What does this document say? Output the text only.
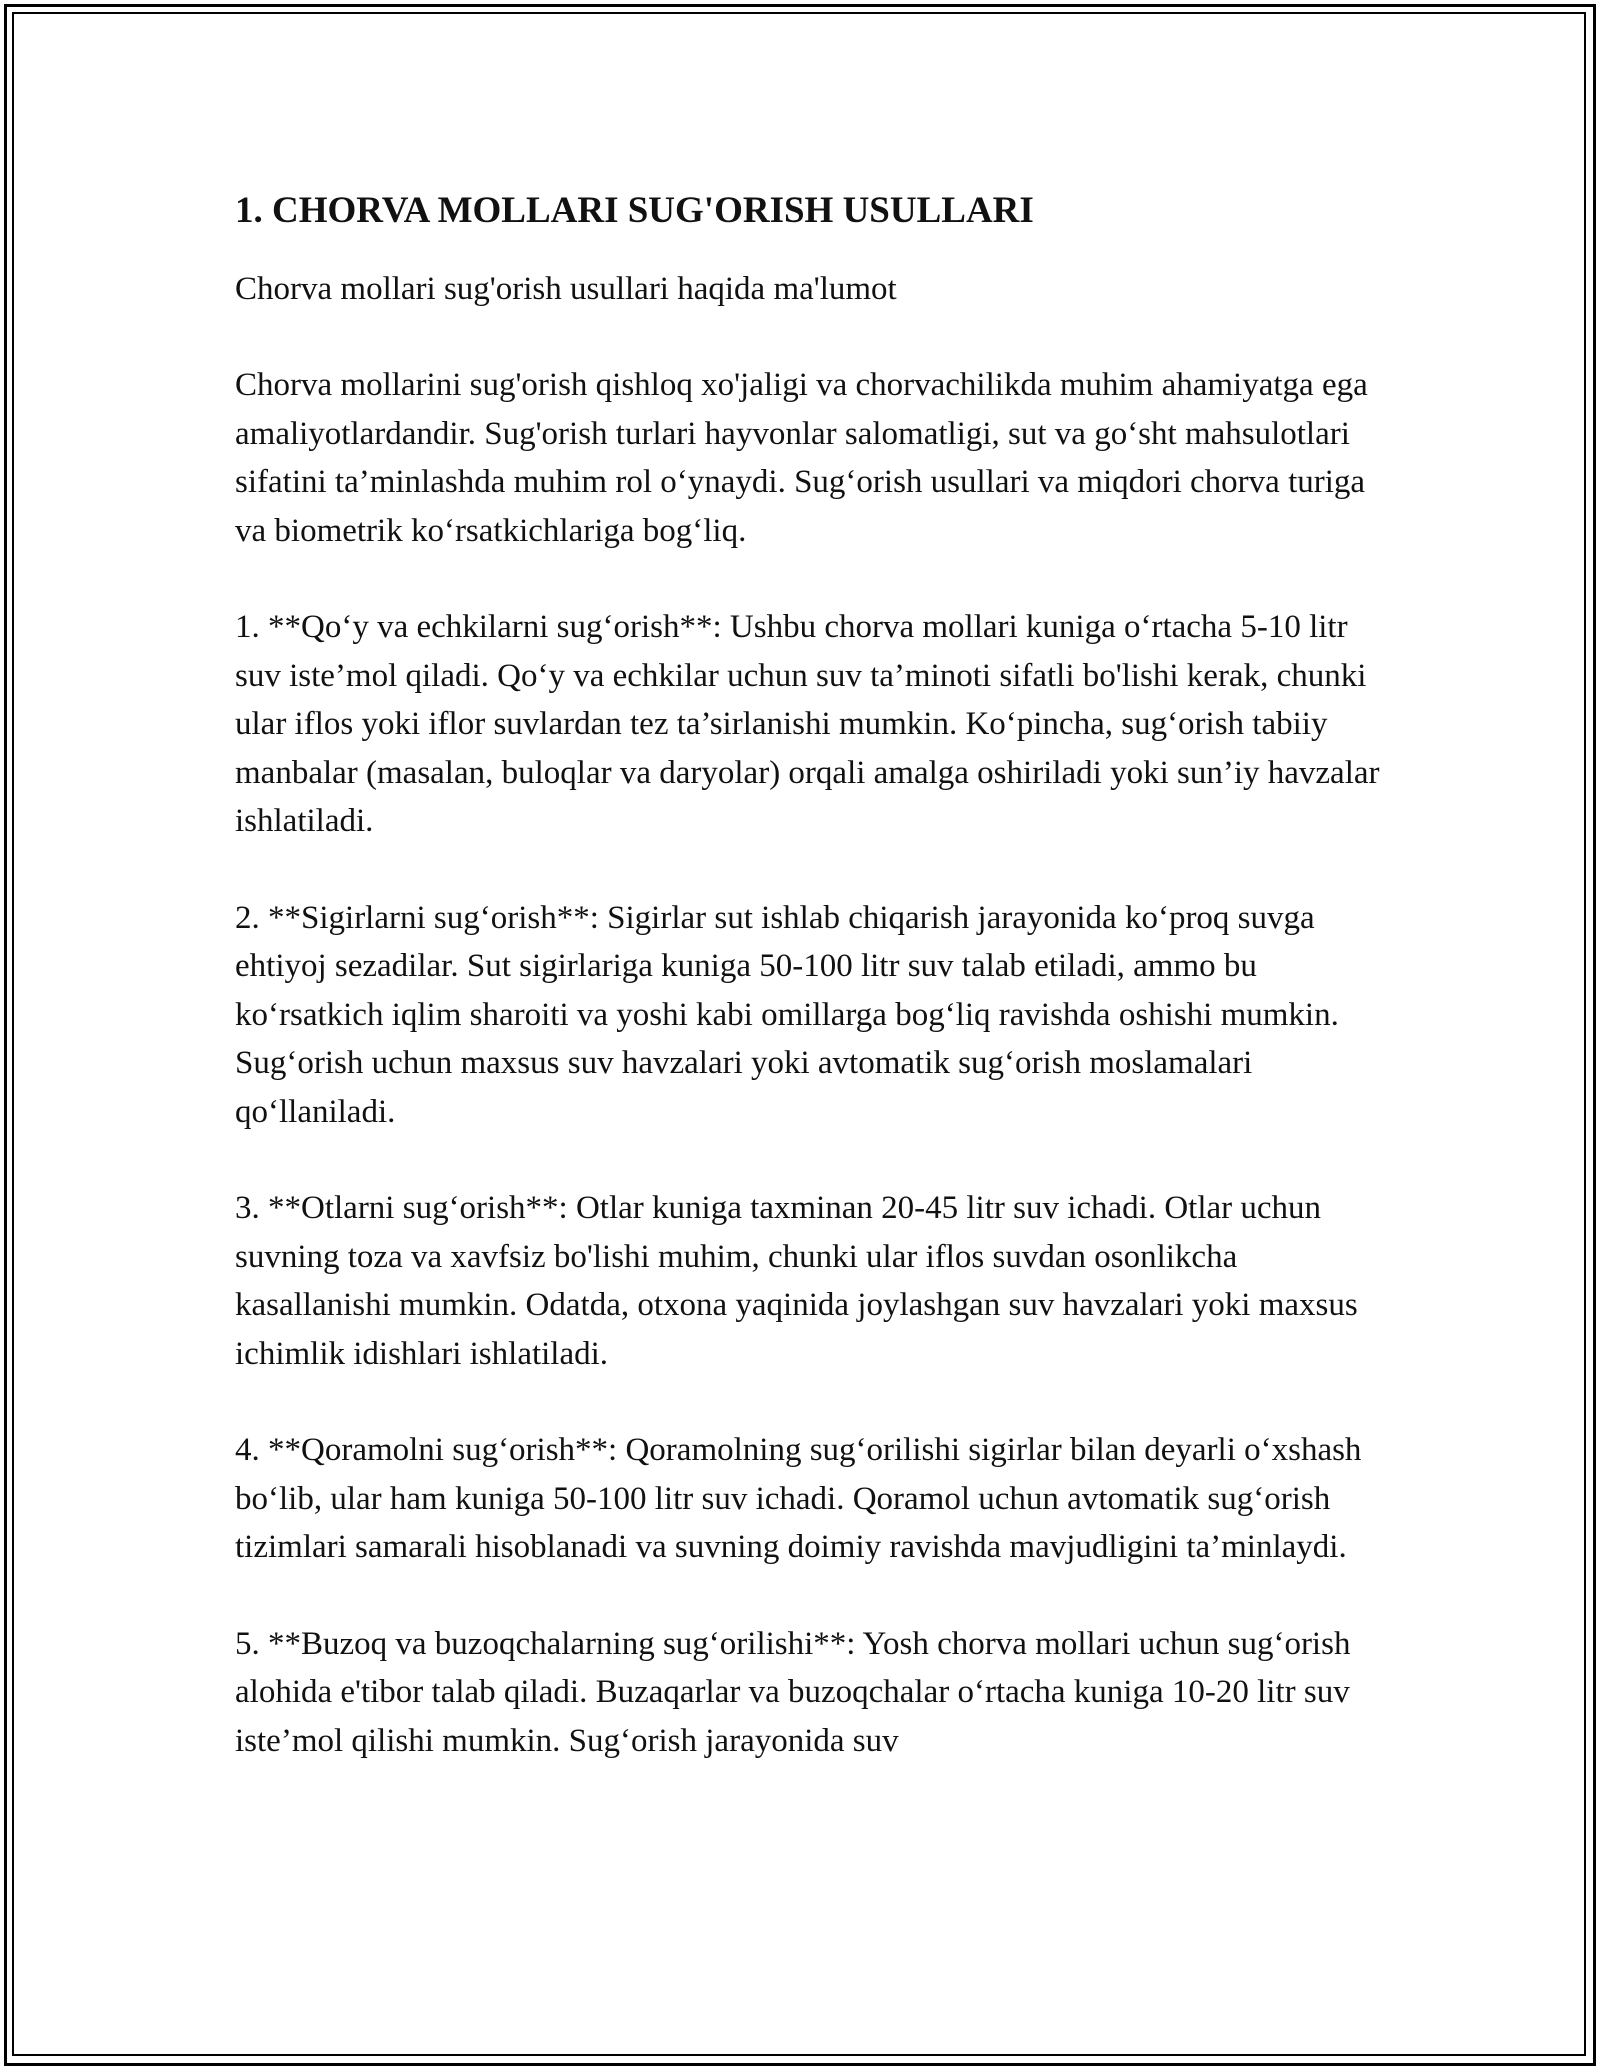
1. CHORVA MOLLARI SUG'ORISH USULLARI
Chorva mollari sug'orish usullari haqida ma'lumot

Chorva mollarini sug'orish qishloq xo'jaligi va chorvachilikda muhim ahamiyatga ega amaliyotlardandir. Sug'orish turlari hayvonlar salomatligi, sut va go‘sht mahsulotlari sifatini ta’minlashda muhim rol o‘ynaydi. Sug‘orish usullari va miqdori chorva turiga va biometrik ko‘rsatkichlariga bog‘liq.

1. **Qo‘y va echkilarni sug‘orish**: Ushbu chorva mollari kuniga o‘rtacha 5-10 litr suv iste’mol qiladi. Qo‘y va echkilar uchun suv ta’minoti sifatli bo'lishi kerak, chunki ular iflos yoki iflor suvlardan tez ta’sirlanishi mumkin. Ko‘pincha, sug‘orish tabiiy manbalar (masalan, buloqlar va daryolar) orqali amalga oshiriladi yoki sun’iy havzalar ishlatiladi.

2. **Sigirlarni sug‘orish**: Sigirlar sut ishlab chiqarish jarayonida ko‘proq suvga ehtiyoj sezadilar. Sut sigirlariga kuniga 50-100 litr suv talab etiladi, ammo bu ko‘rsatkich iqlim sharoiti va yoshi kabi omillarga bog‘liq ravishda oshishi mumkin. Sug‘orish uchun maxsus suv havzalari yoki avtomatik sug‘orish moslamalari qo‘llaniladi.

3. **Otlarni sug‘orish**: Otlar kuniga taxminan 20-45 litr suv ichadi. Otlar uchun suvning toza va xavfsiz bo'lishi muhim, chunki ular iflos suvdan osonlikcha kasallanishi mumkin. Odatda, otxona yaqinida joylashgan suv havzalari yoki maxsus ichimlik idishlari ishlatiladi.

4. **Qoramolni sug‘orish**: Qoramolning sug‘orilishi sigirlar bilan deyarli o‘xshash bo‘lib, ular ham kuniga 50-100 litr suv ichadi. Qoramol uchun avtomatik sug‘orish tizimlari samarali hisoblanadi va suvning doimiy ravishda mavjudligini ta’minlaydi.

5. **Buzoq va buzoqchalarning sug‘orilishi**: Yosh chorva mollari uchun sug‘orish alohida e'tibor talab qiladi. Buzaqarlar va buzoqchalar o‘rtacha kuniga 10-20 litr suv iste’mol qilishi mumkin. Sug‘orish jarayonida suv
